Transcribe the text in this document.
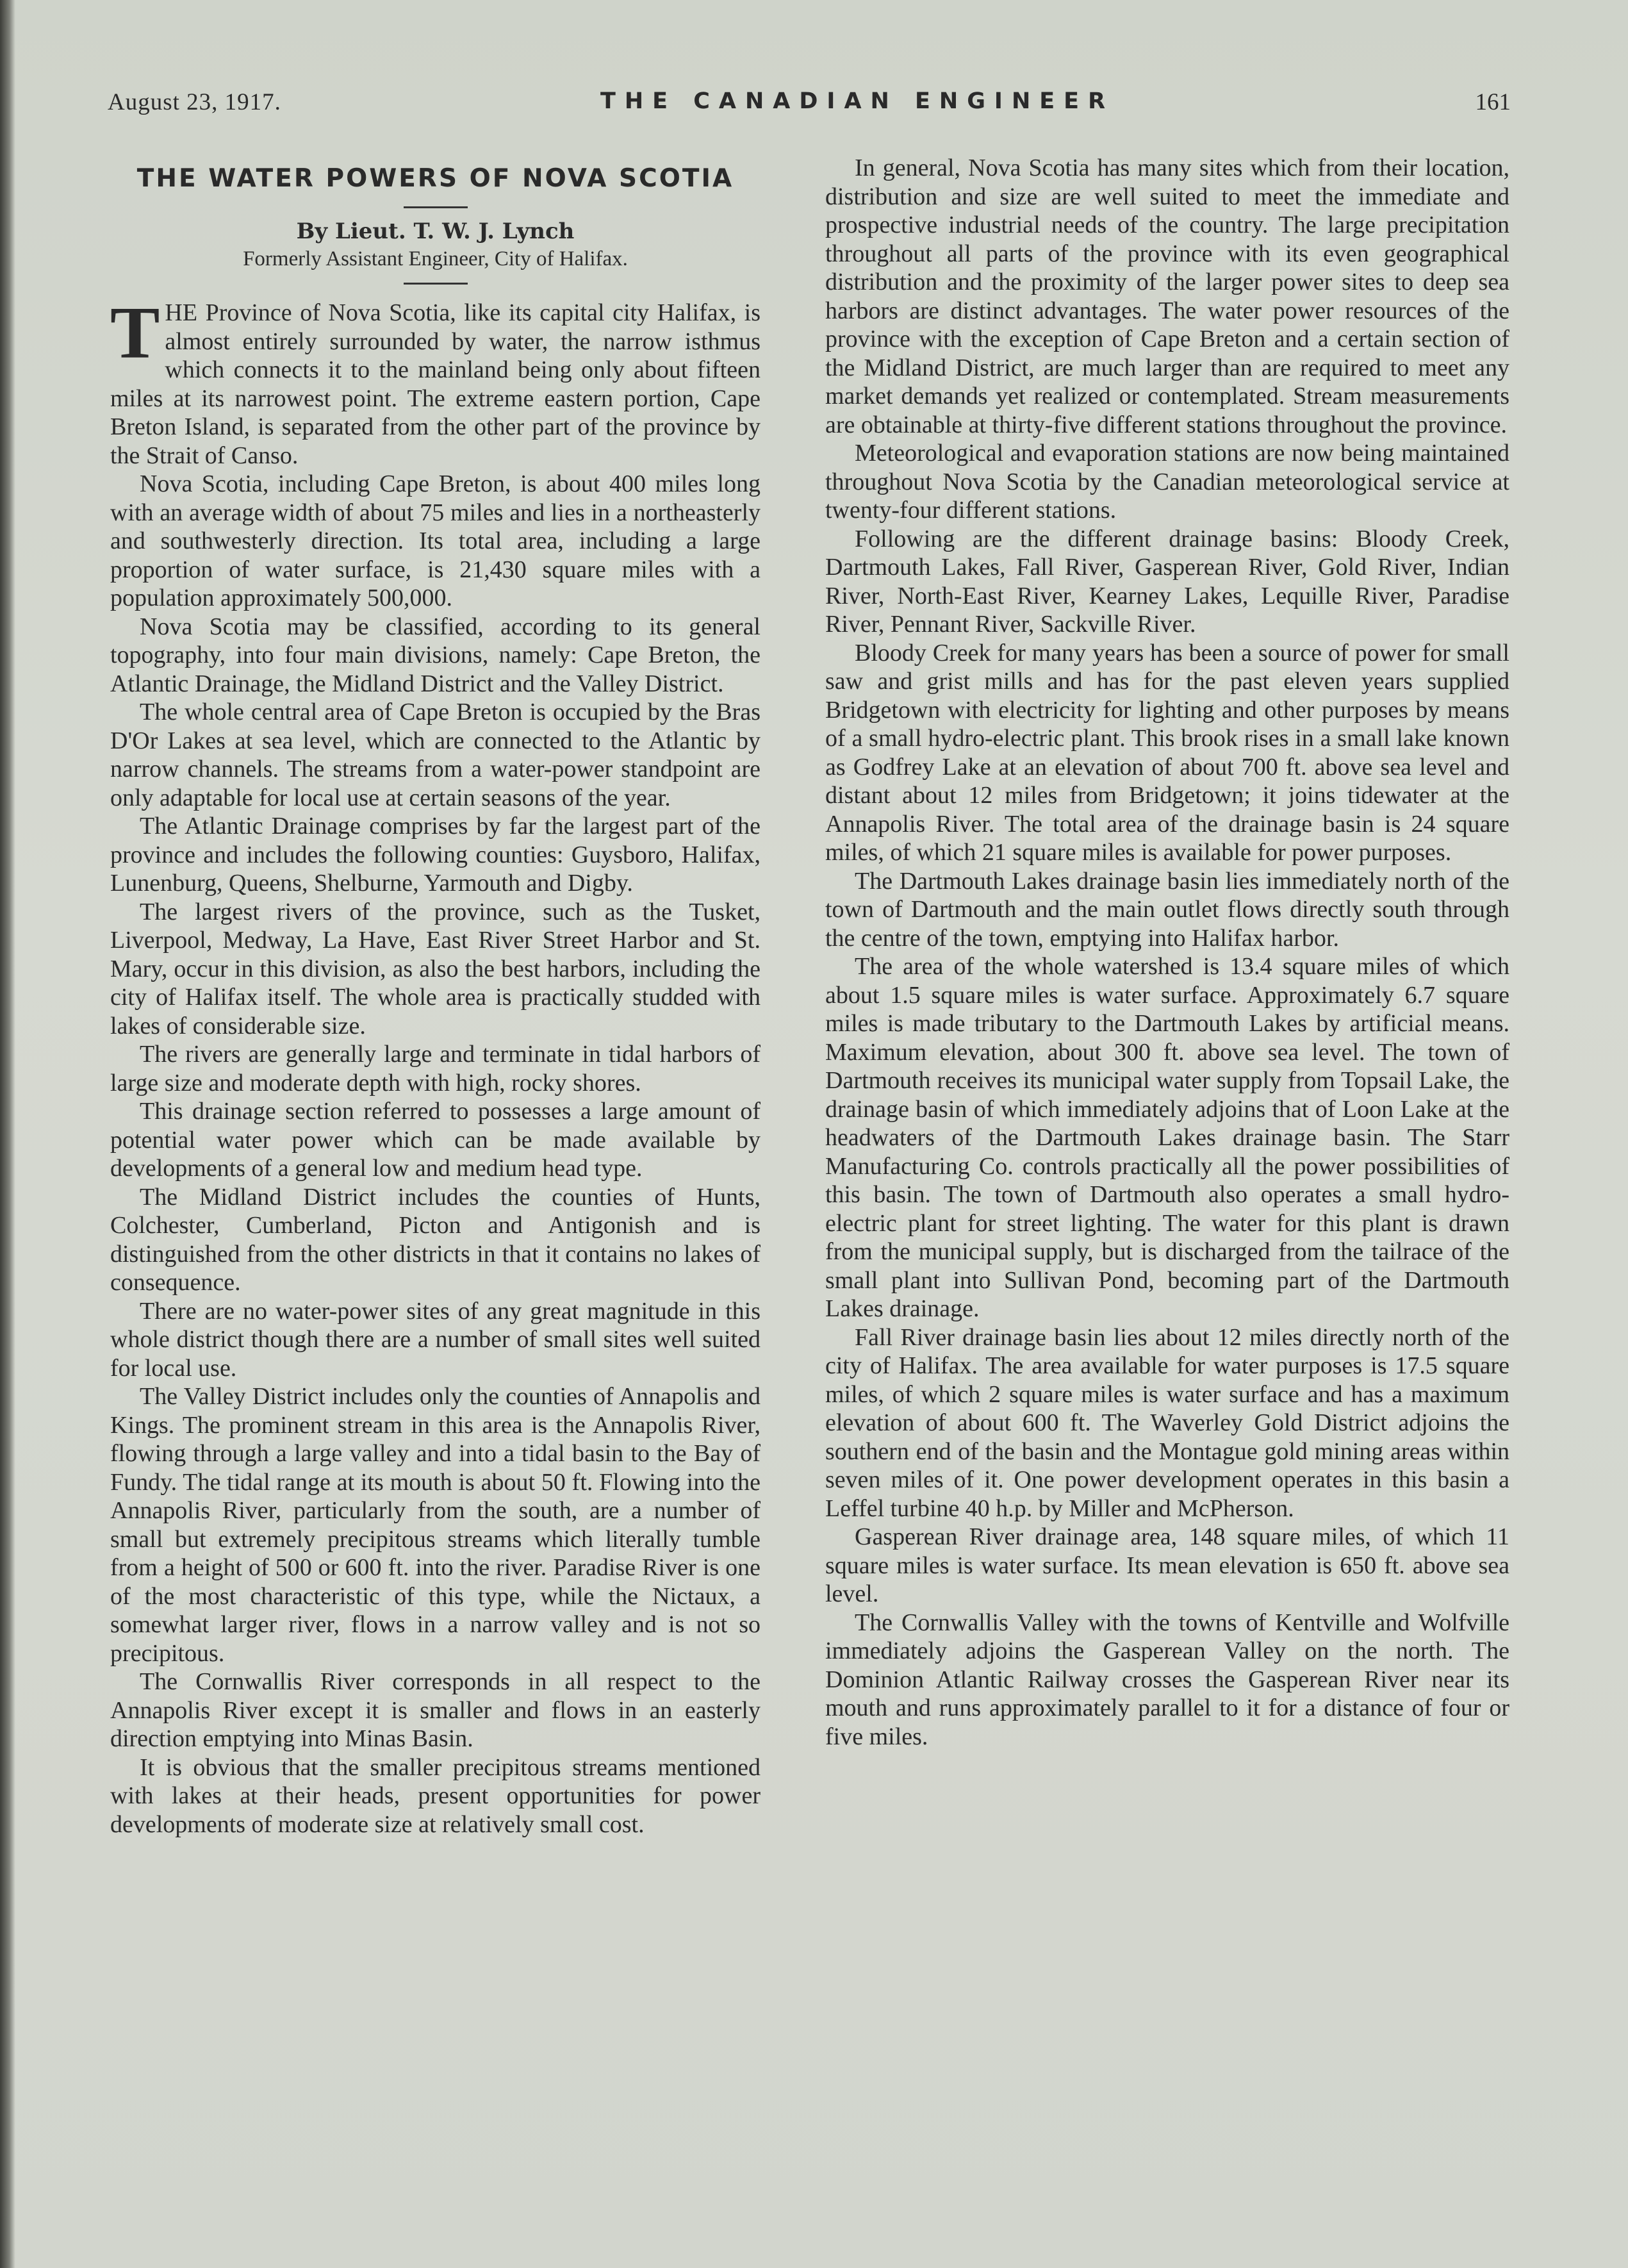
August 23, 1917.	THE CANADIAN ENGINEER	161
THE WATER POWERS OF NOVA SCOTIA
By Lieut. T. W. J. Lynch
Formerly Assistant Engineer, City of Halifax.

THE Province of Nova Scotia, like its capital city Halifax, is almost entirely surrounded by water, the narrow isthmus which connects it to the mainland being only about fifteen miles at its narrowest point. The extreme eastern portion, Cape Breton Island, is separated from the other part of the province by the Strait of Canso.

Nova Scotia, including Cape Breton, is about 400 miles long with an average width of about 75 miles and lies in a northeasterly and southwesterly direction. Its total area, including a large proportion of water surface, is 21,430 square miles with a population approximately 500,000.

Nova Scotia may be classified, according to its general topography, into four main divisions, namely: Cape Breton, the Atlantic Drainage, the Midland District and the Valley District.

The whole central area of Cape Breton is occupied by the Bras D'Or Lakes at sea level, which are connected to the Atlantic by narrow channels. The streams from a water-power standpoint are only adaptable for local use at certain seasons of the year.

The Atlantic Drainage comprises by far the largest part of the province and includes the following counties: Guysboro, Halifax, Lunenburg, Queens, Shelburne, Yarmouth and Digby.

The largest rivers of the province, such as the Tusket, Liverpool, Medway, La Have, East River Street Harbor and St. Mary, occur in this division, as also the best harbors, including the city of Halifax itself. The whole area is practically studded with lakes of considerable size.

The rivers are generally large and terminate in tidal harbors of large size and moderate depth with high, rocky shores.

This drainage section referred to possesses a large amount of potential water power which can be made available by developments of a general low and medium head type.

The Midland District includes the counties of Hunts, Colchester, Cumberland, Picton and Antigonish and is distinguished from the other districts in that it contains no lakes of consequence.

There are no water-power sites of any great magnitude in this whole district though there are a number of small sites well suited for local use.

The Valley District includes only the counties of Annapolis and Kings. The prominent stream in this area is the Annapolis River, flowing through a large valley and into a tidal basin to the Bay of Fundy. The tidal range at its mouth is about 50 ft. Flowing into the Annapolis River, particularly from the south, are a number of small but extremely precipitous streams which literally tumble from a height of 500 or 600 ft. into the river. Paradise River is one of the most characteristic of this type, while the Nictaux, a somewhat larger river, flows in a narrow valley and is not so precipitous.

The Cornwallis River corresponds in all respect to the Annapolis River except it is smaller and flows in an easterly direction emptying into Minas Basin.

It is obvious that the smaller precipitous streams mentioned with lakes at their heads, present opportunities for power developments of moderate size at relatively small cost.

In general, Nova Scotia has many sites which from their location, distribution and size are well suited to meet the immediate and prospective industrial needs of the country. The large precipitation throughout all parts of the province with its even geographical distribution and the proximity of the larger power sites to deep sea harbors are distinct advantages. The water power resources of the province with the exception of Cape Breton and a certain section of the Midland District, are much larger than are required to meet any market demands yet realized or contemplated. Stream measurements are obtainable at thirty-five different stations throughout the province.

Meteorological and evaporation stations are now being maintained throughout Nova Scotia by the Canadian meteorological service at twenty-four different stations.

Following are the different drainage basins: Bloody Creek, Dartmouth Lakes, Fall River, Gasperean River, Gold River, Indian River, North-East River, Kearney Lakes, Lequille River, Paradise River, Pennant River, Sackville River.

Bloody Creek for many years has been a source of power for small saw and grist mills and has for the past eleven years supplied Bridgetown with electricity for lighting and other purposes by means of a small hydro-electric plant. This brook rises in a small lake known as Godfrey Lake at an elevation of about 700 ft. above sea level and distant about 12 miles from Bridgetown; it joins tidewater at the Annapolis River. The total area of the drainage basin is 24 square miles, of which 21 square miles is available for power purposes.

The Dartmouth Lakes drainage basin lies immediately north of the town of Dartmouth and the main outlet flows directly south through the centre of the town, emptying into Halifax harbor.

The area of the whole watershed is 13.4 square miles of which about 1.5 square miles is water surface. Approximately 6.7 square miles is made tributary to the Dartmouth Lakes by artificial means. Maximum elevation, about 300 ft. above sea level. The town of Dartmouth receives its municipal water supply from Topsail Lake, the drainage basin of which immediately adjoins that of Loon Lake at the headwaters of the Dartmouth Lakes drainage basin. The Starr Manufacturing Co. controls practically all the power possibilities of this basin. The town of Dartmouth also operates a small hydro-electric plant for street lighting. The water for this plant is drawn from the municipal supply, but is discharged from the tailrace of the small plant into Sullivan Pond, becoming part of the Dartmouth Lakes drainage.

Fall River drainage basin lies about 12 miles directly north of the city of Halifax. The area available for water purposes is 17.5 square miles, of which 2 square miles is water surface and has a maximum elevation of about 600 ft. The Waverley Gold District adjoins the southern end of the basin and the Montague gold mining areas within seven miles of it. One power development operates in this basin a Leffel turbine 40 h.p. by Miller and McPherson.

Gasperean River drainage area, 148 square miles, of which 11 square miles is water surface. Its mean elevation is 650 ft. above sea level.

The Cornwallis Valley with the towns of Kentville and Wolfville immediately adjoins the Gasperean Valley on the north. The Dominion Atlantic Railway crosses the Gasperean River near its mouth and runs approximately parallel to it for a distance of four or five miles.
